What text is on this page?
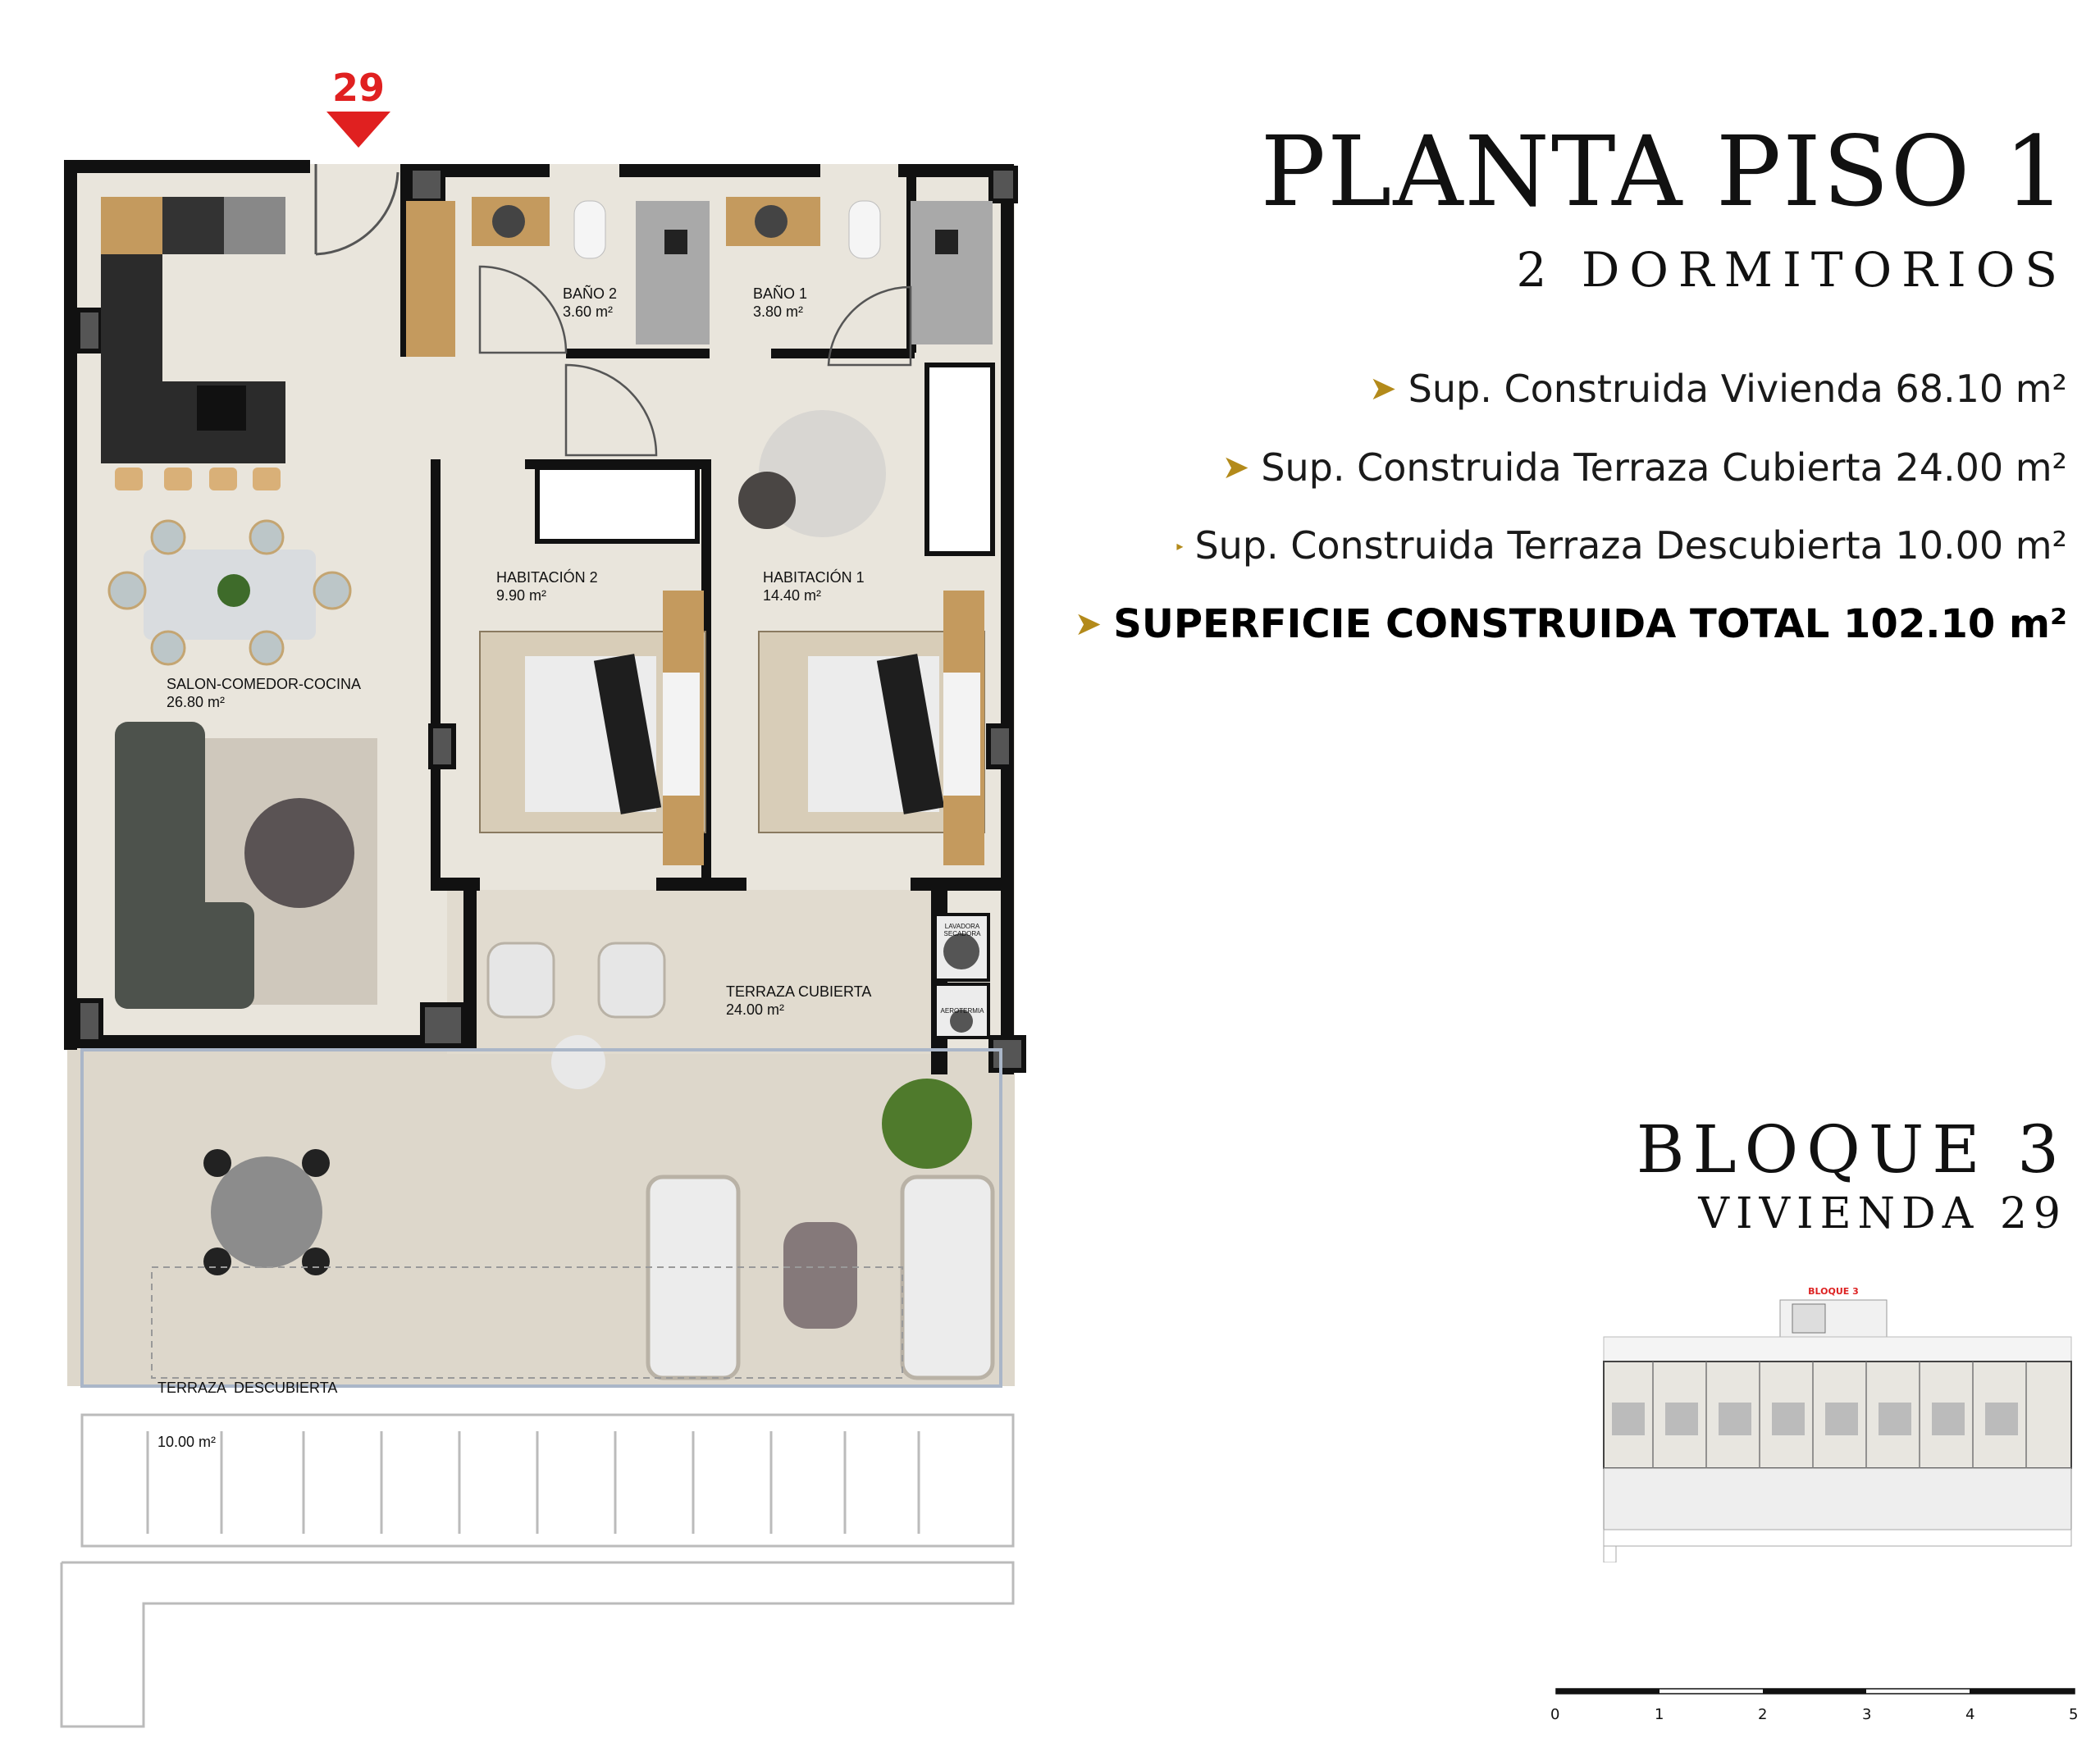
29
BAÑO 2
3.60 m²
BAÑO 1
3.80 m²
HABITACIÓN 2
9.90 m²
HABITACIÓN 1
14.40 m²
SALON-COMEDOR-COCINA
26.80 m²
TERRAZA CUBIERTA
24.00 m²

TERRAZA  DESCUBIERTA

10.00 m²

LAVADORA SECADORA
AEROTERMIA
PLANTA PISO 1
2 DORMITORIOS
➤ Sup. Construida Vivienda 68.10 m²
➤ Sup. Construida Terraza Cubierta 24.00 m²
▸ Sup. Construida Terraza Descubierta 10.00 m²
➤ SUPERFICIE CONSTRUIDA TOTAL 102.10 m²
BLOQUE 3
VIVIENDA 29
BLOQUE 3
0	1	2	3	4	5
